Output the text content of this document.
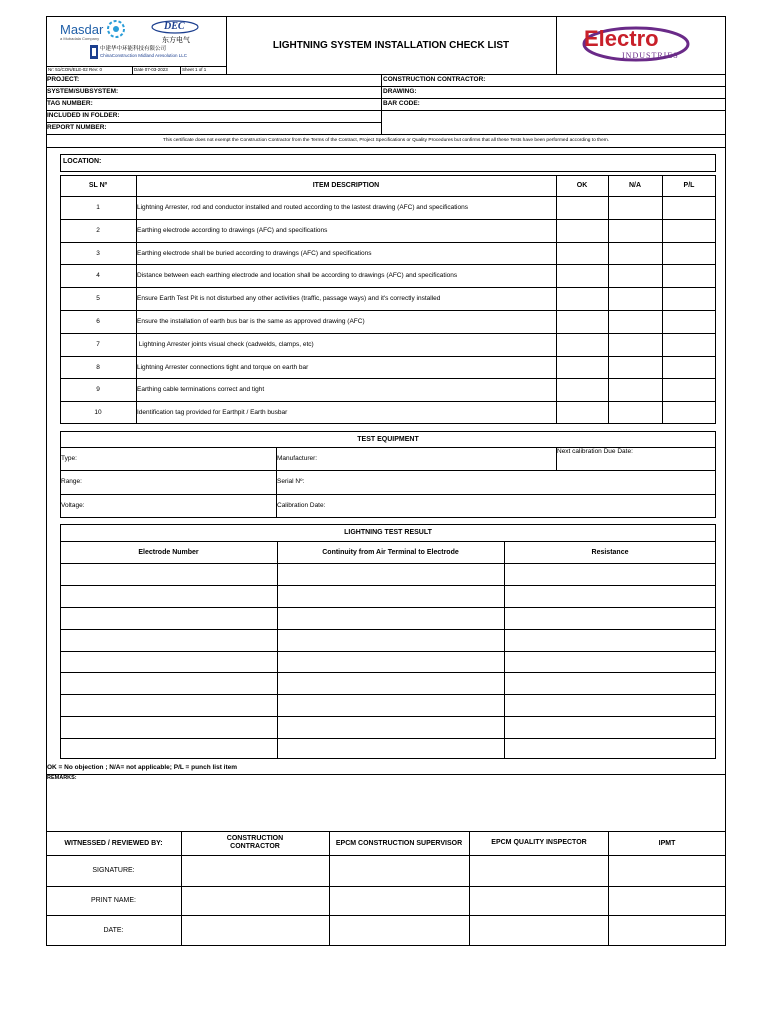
Masdar
a Mubadala Company
DEC
东方电气
中建华中环能科技有限公司
ChinaConstruction Midland Aresolution LLC
Nr: 51/CON/ELE-02 Rev: 0	Date 07-03-2023	Sheet 1 of 1
LIGHTNING SYSTEM INSTALLATION CHECK LIST	Electro
INDUSTRIES
PROJECT:	CONSTRUCTION CONTRACTOR:
SYSTEM/SUBSYSTEM:	DRAWING:
TAG NUMBER:	BAR CODE:
INCLUDED IN FOLDER:
REPORT NUMBER:
This certificate does not exempt the Construction Contractor from the Terms of the Contract, Project Specifications or Quality Procedures but confirms that all these Tests have been performed according to them.
LOCATION:
SL Nº	ITEM DESCRIPTION	OK	N/A	P/L
1	Lightning Arrester, rod and conductor installed and routed according to the lastest drawing (AFC) and specifications
2	Earthing electrode according to drawings (AFC) and specifications
3	Earthing electrode shall be buried according to drawings (AFC) and specifications
4	Distance between each earthing electrode and location shall be according to drawings (AFC) and specifications
5	Ensure Earth Test Pit is not disturbed any other activities (traffic, passage ways) and it's correctly installed
6	Ensure the installation of earth bus bar is the same as approved drawing (AFC)
7	Lightning Arrester joints visual check (cadwelds, clamps, etc)
8	Lightning Arrester connections tight and torque on earth bar
9	Earthing cable terminations correct and tight
10	Identification tag provided for Earthpit / Earth busbar
TEST EQUIPMENT
Type:	Manufacturer:
Next calibration Due Date:
Range:	Serial Nº:
Voltage:	Calibration Date:
LIGHTNING TEST RESULT
Electrode Number	Continuity from Air Terminal to Electrode	Resistance
OK = No objection ; N/A= not applicable; P/L = punch list item
REMARKS:
WITNESSED / REVIEWED BY:
CONSTRUCTION CONTRACTOR	EPCM CONSTRUCTION SUPERVISOR	EPCM QUALITY INSPECTOR	IPMT
SIGNATURE:
PRINT NAME:
DATE:
